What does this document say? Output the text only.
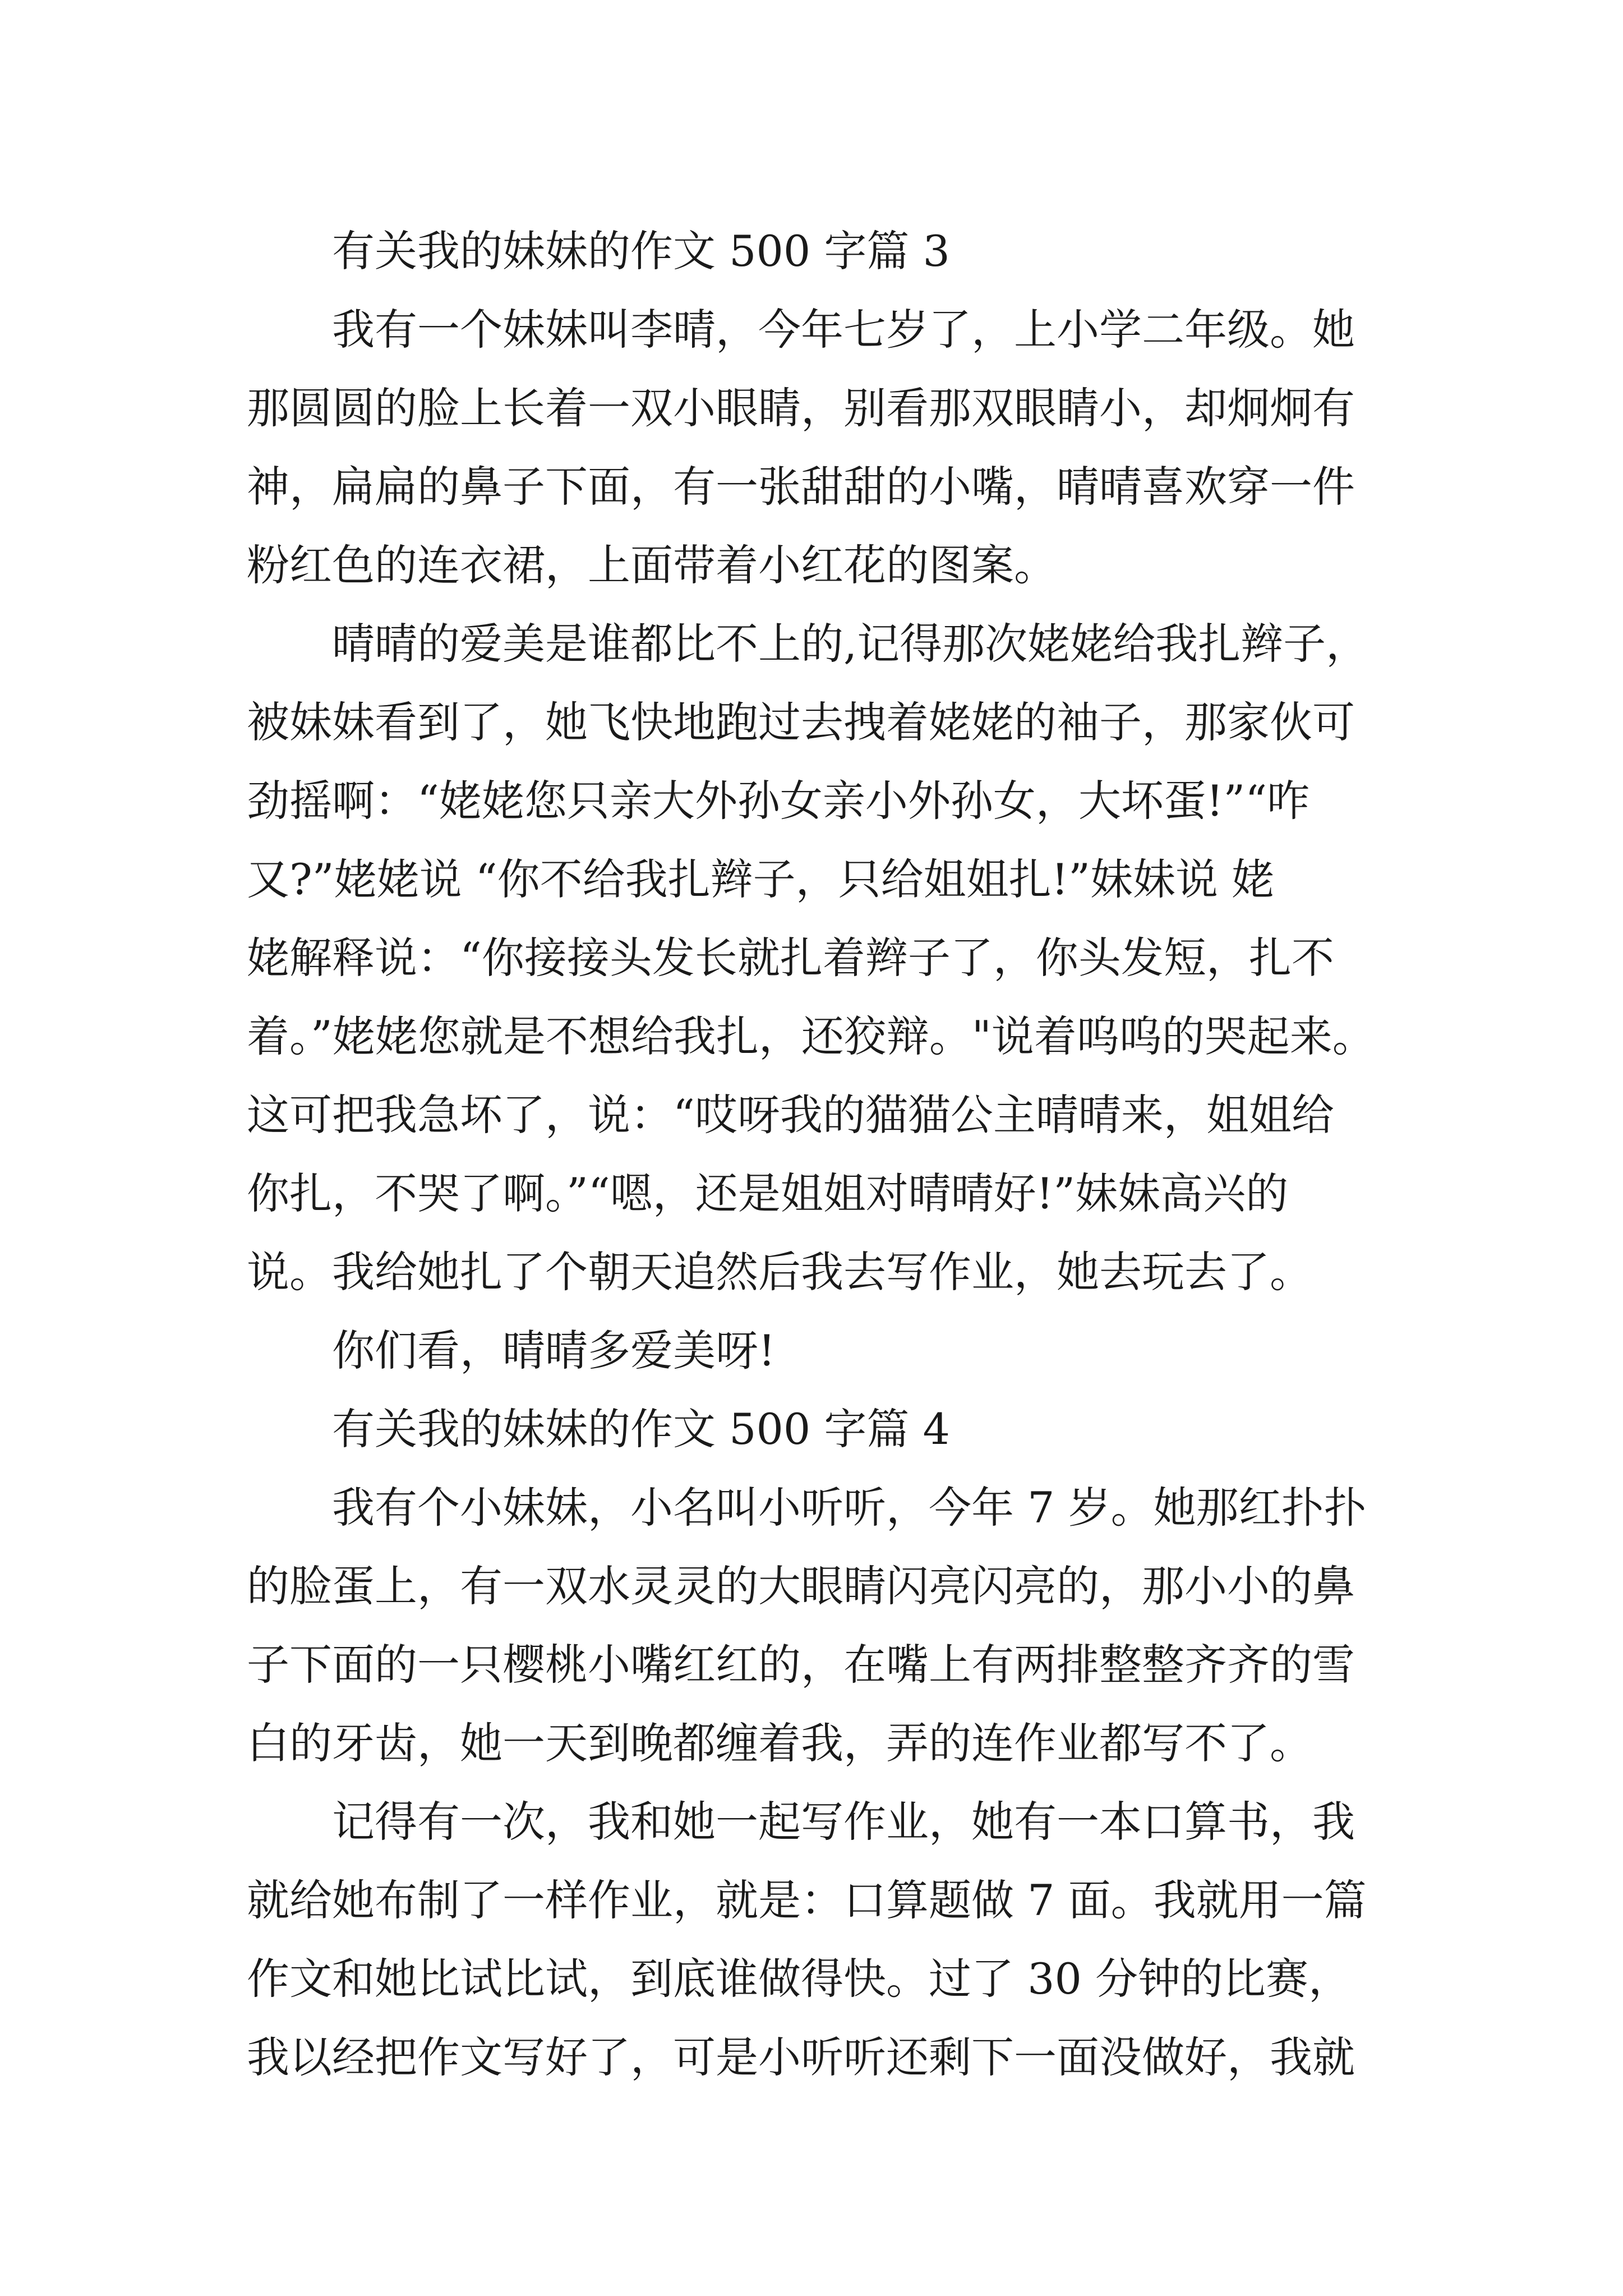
有关我的妹妹的作文 500 字篇 3
我有一个妹妹叫李晴，今年七岁了，上小学二年级。她
那圆圆的脸上长着一双小眼睛，别看那双眼睛小，却炯炯有
神，扁扁的鼻子下面，有一张甜甜的小嘴，晴晴喜欢穿一件
粉红色的连衣裙，上面带着小红花的图案。
晴晴的爱美是谁都比不上的,记得那次姥姥给我扎辫子，
被妹妹看到了，她飞快地跑过去拽着姥姥的袖子，那家伙可
劲摇啊：“姥姥您只亲大外孙女亲小外孙女，大坏蛋!”“咋
又?”姥姥说 “你不给我扎辫子，只给姐姐扎!”妹妹说 姥
姥解释说：“你接接头发长就扎着辫子了，你头发短，扎不
着。”姥姥您就是不想给我扎，还狡辩。"说着呜呜的哭起来。
这可把我急坏了，说：“哎呀我的猫猫公主晴晴来，姐姐给
你扎，不哭了啊。”“嗯，还是姐姐对晴晴好!”妹妹高兴的
说。我给她扎了个朝天追然后我去写作业，她去玩去了。
你们看，晴晴多爱美呀!
有关我的妹妹的作文 500 字篇 4
我有个小妹妹，小名叫小听听，今年 7 岁。她那红扑扑
的脸蛋上，有一双水灵灵的大眼睛闪亮闪亮的，那小小的鼻
子下面的一只樱桃小嘴红红的，在嘴上有两排整整齐齐的雪
白的牙齿，她一天到晚都缠着我，弄的连作业都写不了。
记得有一次，我和她一起写作业，她有一本口算书，我
就给她布制了一样作业，就是：口算题做 7 面。我就用一篇
作文和她比试比试，到底谁做得快。过了 30 分钟的比赛，
我以经把作文写好了，可是小听听还剩下一面没做好，我就
